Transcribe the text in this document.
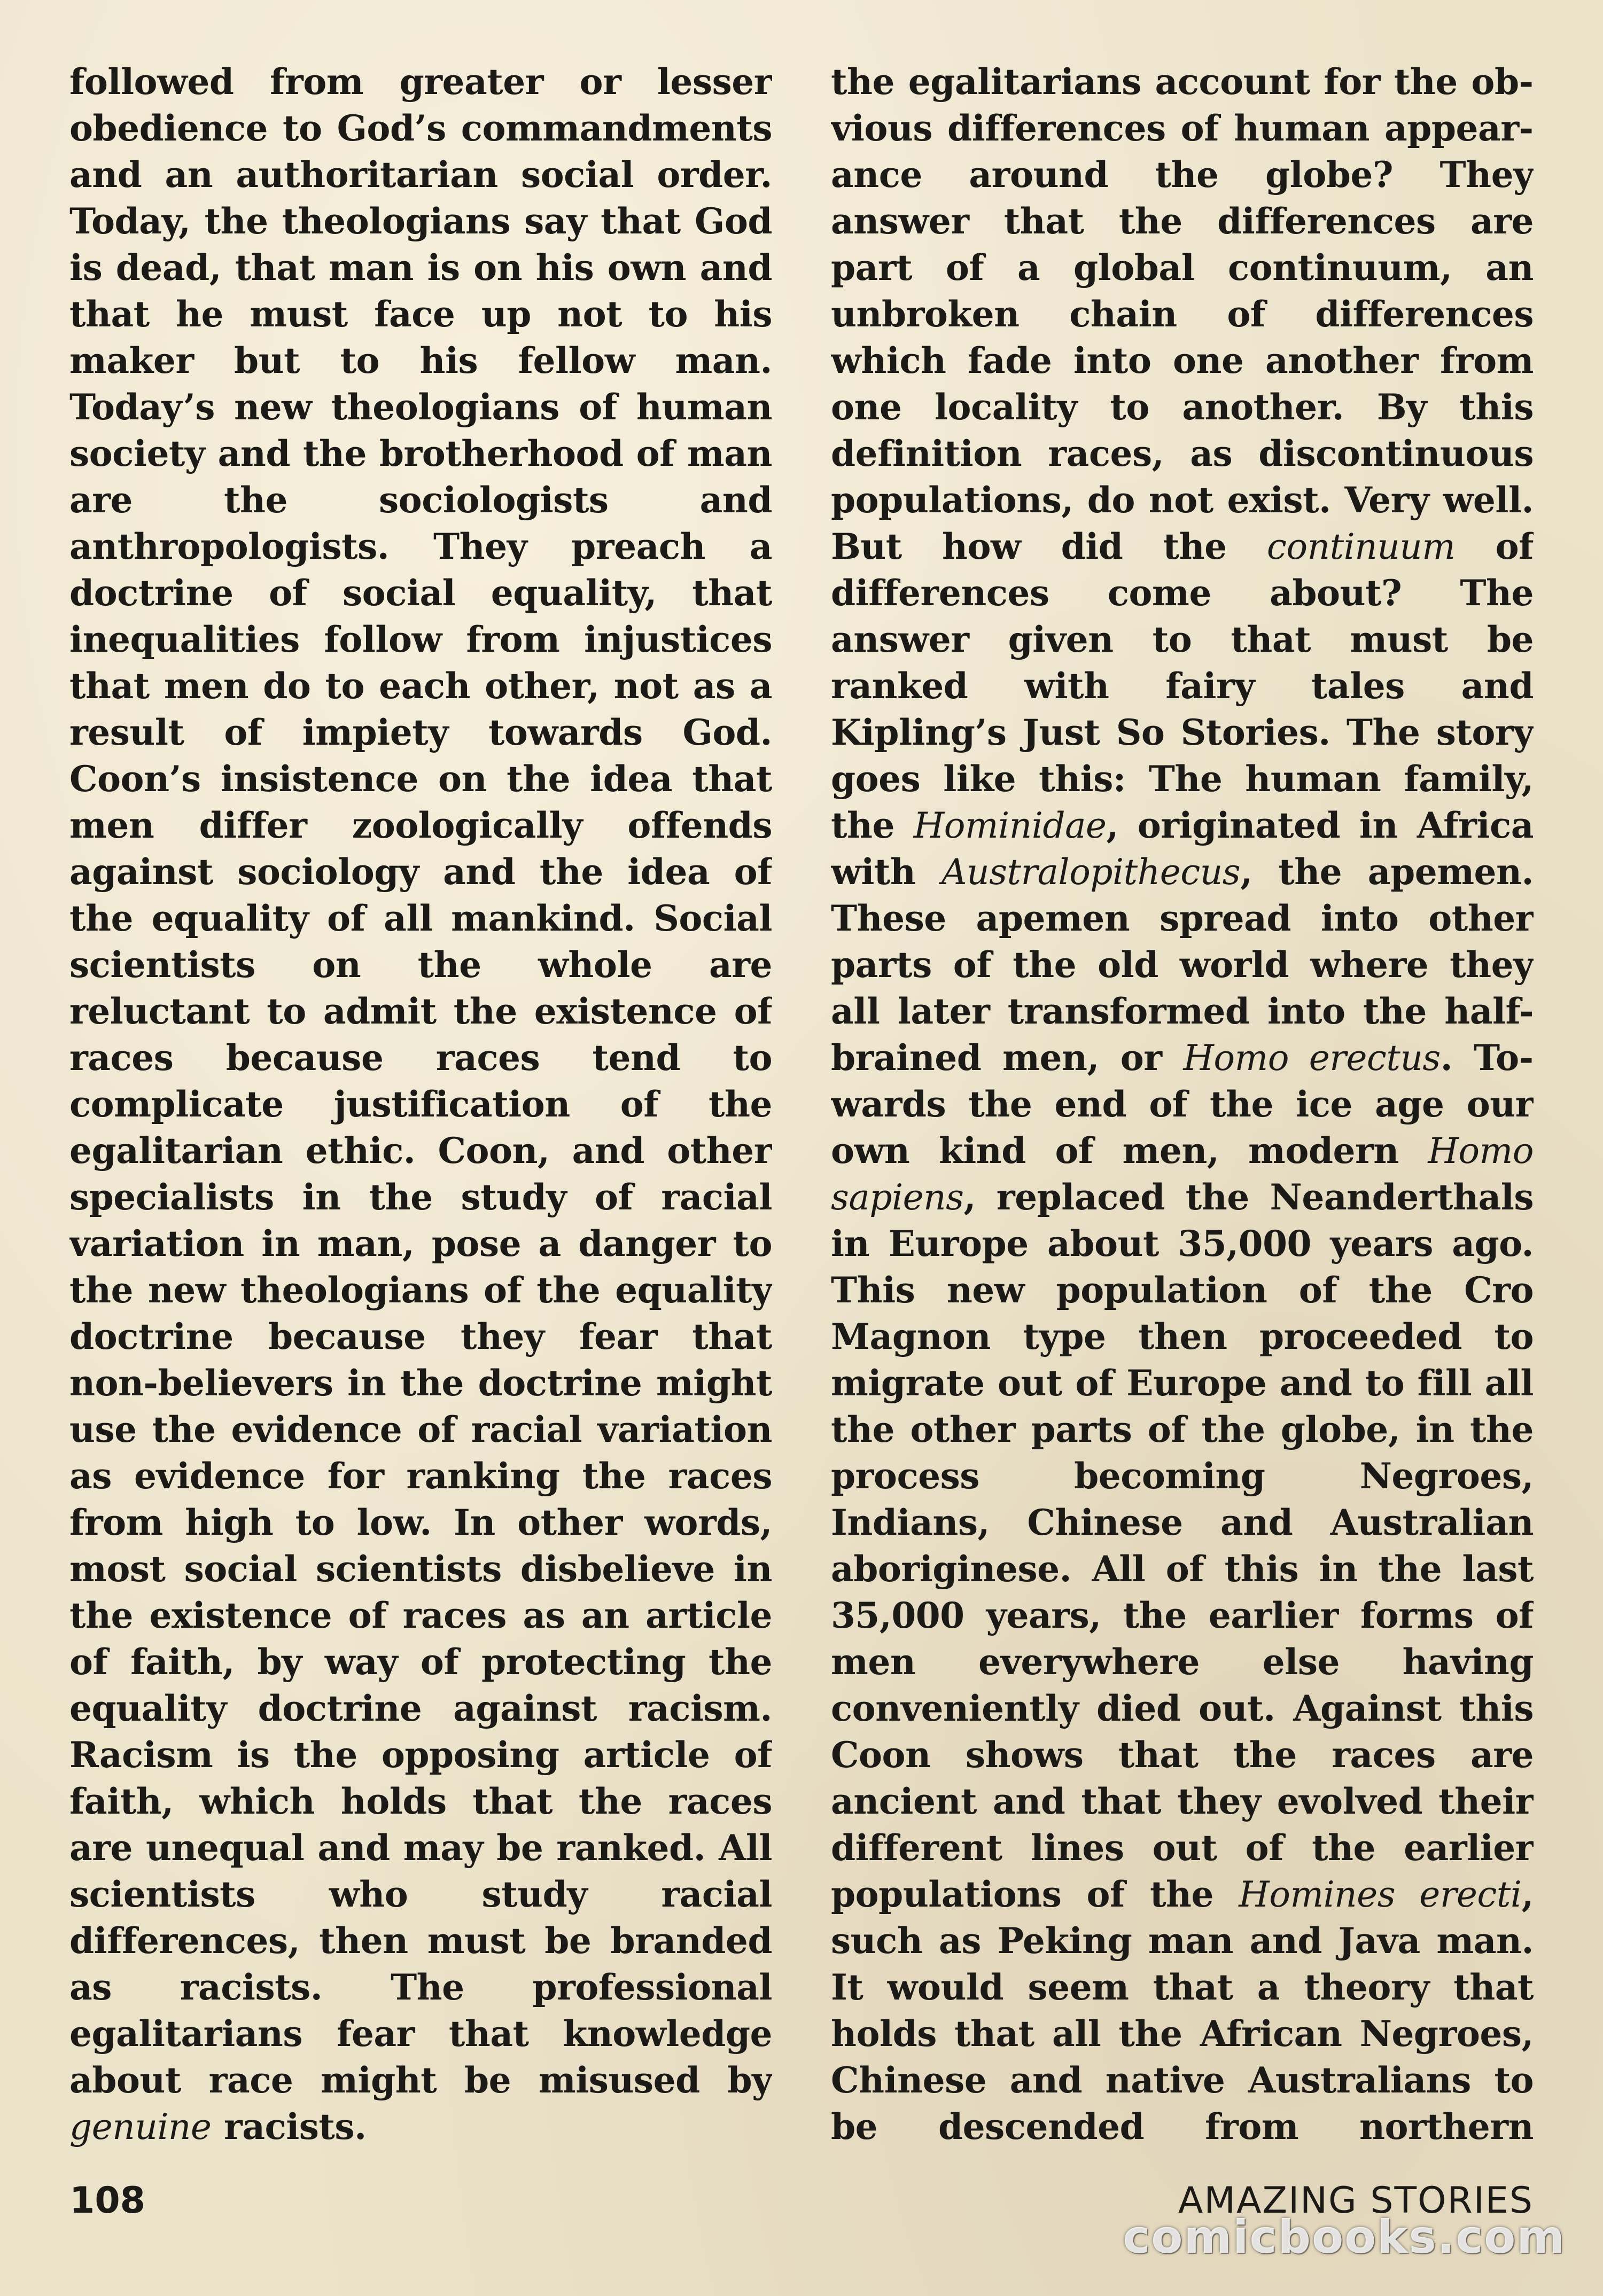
followed from greater or lesser obedience to God’s commandments and an authoritarian social order. Today, the theologians say that God is dead, that man is on his own and that he must face up not to his maker but to his fellow man. Today’s new theologians of human society and the brotherhood of man are the sociologists and anthropologists. They preach a doctrine of social equality, that inequalities follow from injustices that men do to each other, not as a result of impiety towards God. Coon’s insistence on the idea that men differ zoologically offends against sociology and the idea of the equality of all mankind. Social scientists on the whole are reluctant to admit the existence of races because races tend to complicate justification of the egalitarian ethic. Coon, and other specialists in the study of racial variation in man, pose a danger to the new theologians of the equality doctrine because they fear that non-believers in the doctrine might use the evidence of racial variation as evidence for ranking the races from high to low. In other words, most social scientists disbelieve in the existence of races as an article of faith, by way of protecting the equality doctrine against racism. Racism is the opposing article of faith, which holds that the races are unequal and may be ranked. All scientists who study racial differences, then must be branded as racists. The professional egalitarians fear that knowledge about race might be misused by genuine racists.

the egalitarians account for the obvious differences of human appearance around the globe? They answer that the differences are part of a global continuum, an unbroken chain of differences which fade into one another from one locality to another. By this definition races, as discontinuous populations, do not exist. Very well. But how did the continuum of differences come about? The answer given to that must be ranked with fairy tales and Kipling’s Just So Stories. The story goes like this: The human family, the Hominidae, originated in Africa with Australopithecus, the apemen. These apemen spread into other parts of the old world where they all later transformed into the half-brained men, or Homo erectus. Towards the end of the ice age our own kind of men, modern Homo sapiens, replaced the Neanderthals in Europe about 35,000 years ago. This new population of the Cro Magnon type then proceeded to migrate out of Europe and to fill all the other parts of the globe, in the process becoming Negroes, Indians, Chinese and Australian aboriginese. All of this in the last 35,000 years, the earlier forms of men everywhere else having conveniently died out. Against this Coon shows that the races are ancient and that they evolved their different lines out of the earlier populations of the Homines erecti, such as Peking man and Java man. It would seem that a theory that holds that all the African Negroes, Chinese and native Australians to be descended from northern

108	AMAZING STORIES
comicbooks.com
